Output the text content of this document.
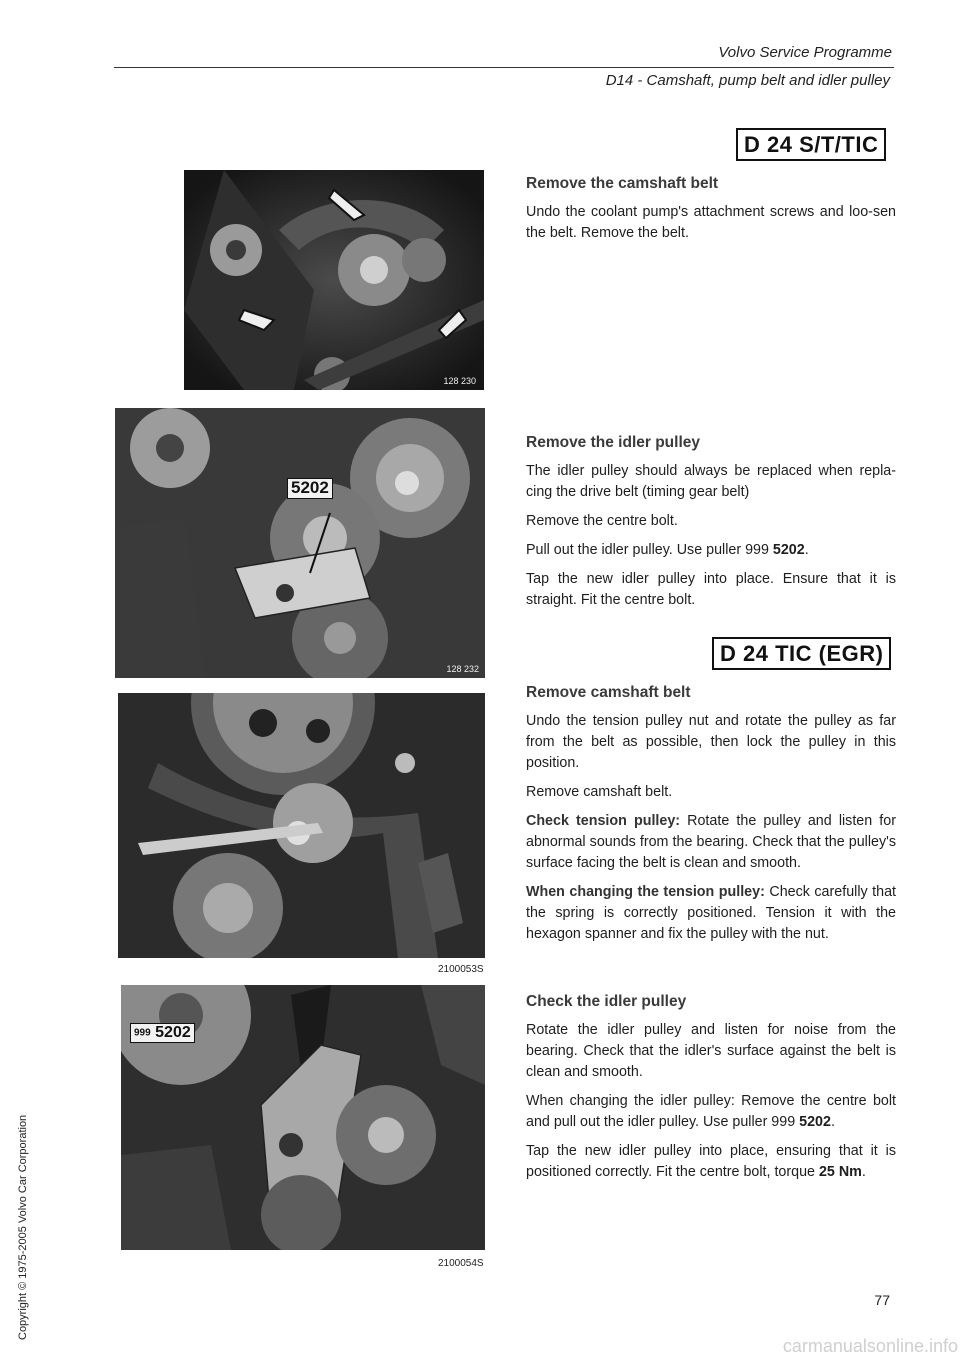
Volvo Service Programme
D14 - Camshaft, pump belt and idler pulley
128 230
5202
128 232
2100053S
999 5202
2100054S
D 24 S/T/TIC
D 24 TIC (EGR)
Remove the camshaft belt
Undo the coolant pump's attachment screws and loo-sen the belt. Remove the belt.
Remove the idler pulley
The idler pulley should always be replaced when repla-cing the drive belt (timing gear belt)
Remove the centre bolt.
Pull out the idler pulley. Use puller 999 5202.
Tap the new idler pulley into place. Ensure that it is straight. Fit the centre bolt.
Remove camshaft belt
Undo the tension pulley nut and rotate the pulley as far from the belt as possible, then lock the pulley in this position.
Remove camshaft belt.
Check tension pulley: Rotate the pulley and listen for abnormal sounds from the bearing. Check that the pulley's surface facing the belt is clean and smooth.
When changing the tension pulley: Check carefully that the spring is correctly positioned. Tension it with the hexagon spanner and fix the pulley with the nut.
Check the idler pulley
Rotate the idler pulley and listen for noise from the bearing. Check that the idler's surface against the belt is clean and smooth.
When changing the idler pulley: Remove the centre bolt and pull out the idler pulley. Use puller 999 5202.
Tap the new idler pulley into place, ensuring that it is positioned correctly. Fit the centre bolt, torque 25 Nm.
Copyright © 1975-2005 Volvo Car Corporation	77
carmanualsonline.info
